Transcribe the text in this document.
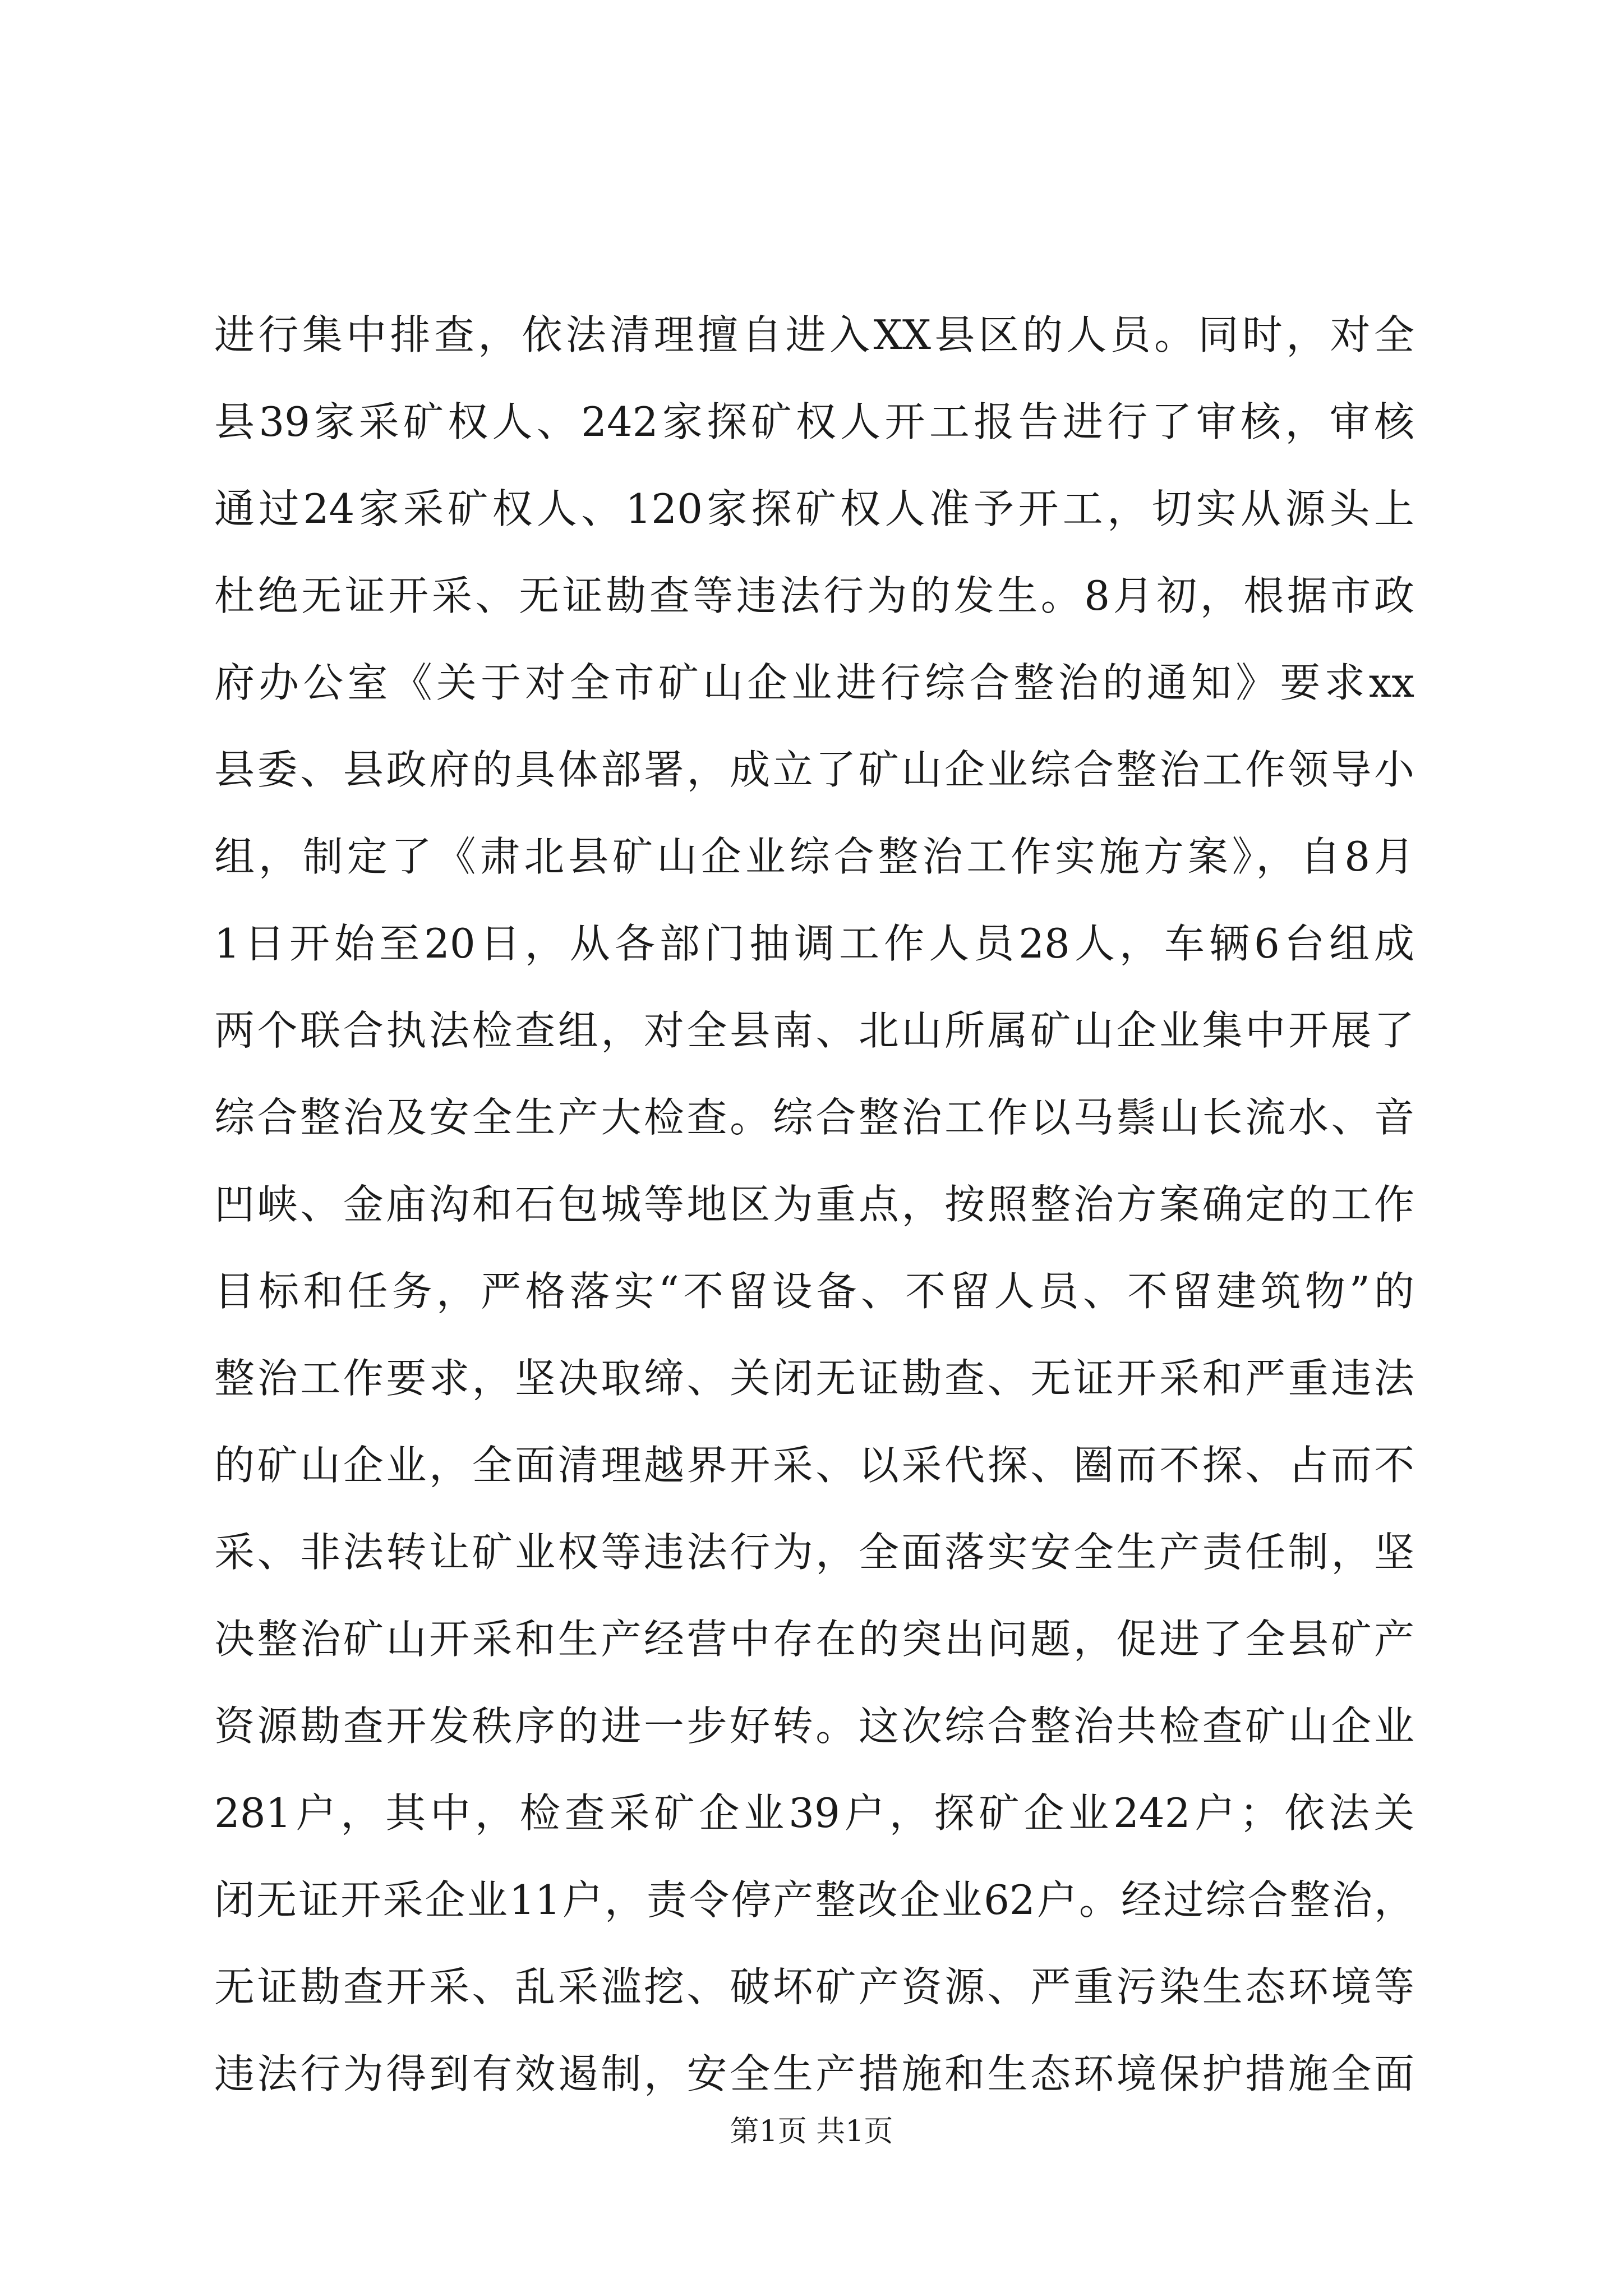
进行集中排查，依法清理擅自进入XX县区的人员。同时，对全
县39家采矿权人、242家探矿权人开工报告进行了审核，审核
通过24家采矿权人、120家探矿权人准予开工，切实从源头上
杜绝无证开采、无证勘查等违法行为的发生。8月初，根据市政
府办公室《关于对全市矿山企业进行综合整治的通知》要求xx
县委、县政府的具体部署，成立了矿山企业综合整治工作领导小
组，制定了《肃北县矿山企业综合整治工作实施方案》，自8月
1日开始至20日，从各部门抽调工作人员28人，车辆6台组成
两个联合执法检查组，对全县南、北山所属矿山企业集中开展了
综合整治及安全生产大检查。综合整治工作以马鬃山长流水、音
凹峡、金庙沟和石包城等地区为重点，按照整治方案确定的工作
目标和任务，严格落实“不留设备、不留人员、不留建筑物”的
整治工作要求，坚决取缔、关闭无证勘查、无证开采和严重违法
的矿山企业，全面清理越界开采、以采代探、圈而不探、占而不
采、非法转让矿业权等违法行为，全面落实安全生产责任制，坚
决整治矿山开采和生产经营中存在的突出问题，促进了全县矿产
资源勘查开发秩序的进一步好转。这次综合整治共检查矿山企业
281户，其中，检查采矿企业39户，探矿企业242户；依法关
闭无证开采企业11户，责令停产整改企业62户。经过综合整治，
无证勘查开采、乱采滥挖、破坏矿产资源、严重污染生态环境等
违法行为得到有效遏制，安全生产措施和生态环境保护措施全面
第1页 共1页
